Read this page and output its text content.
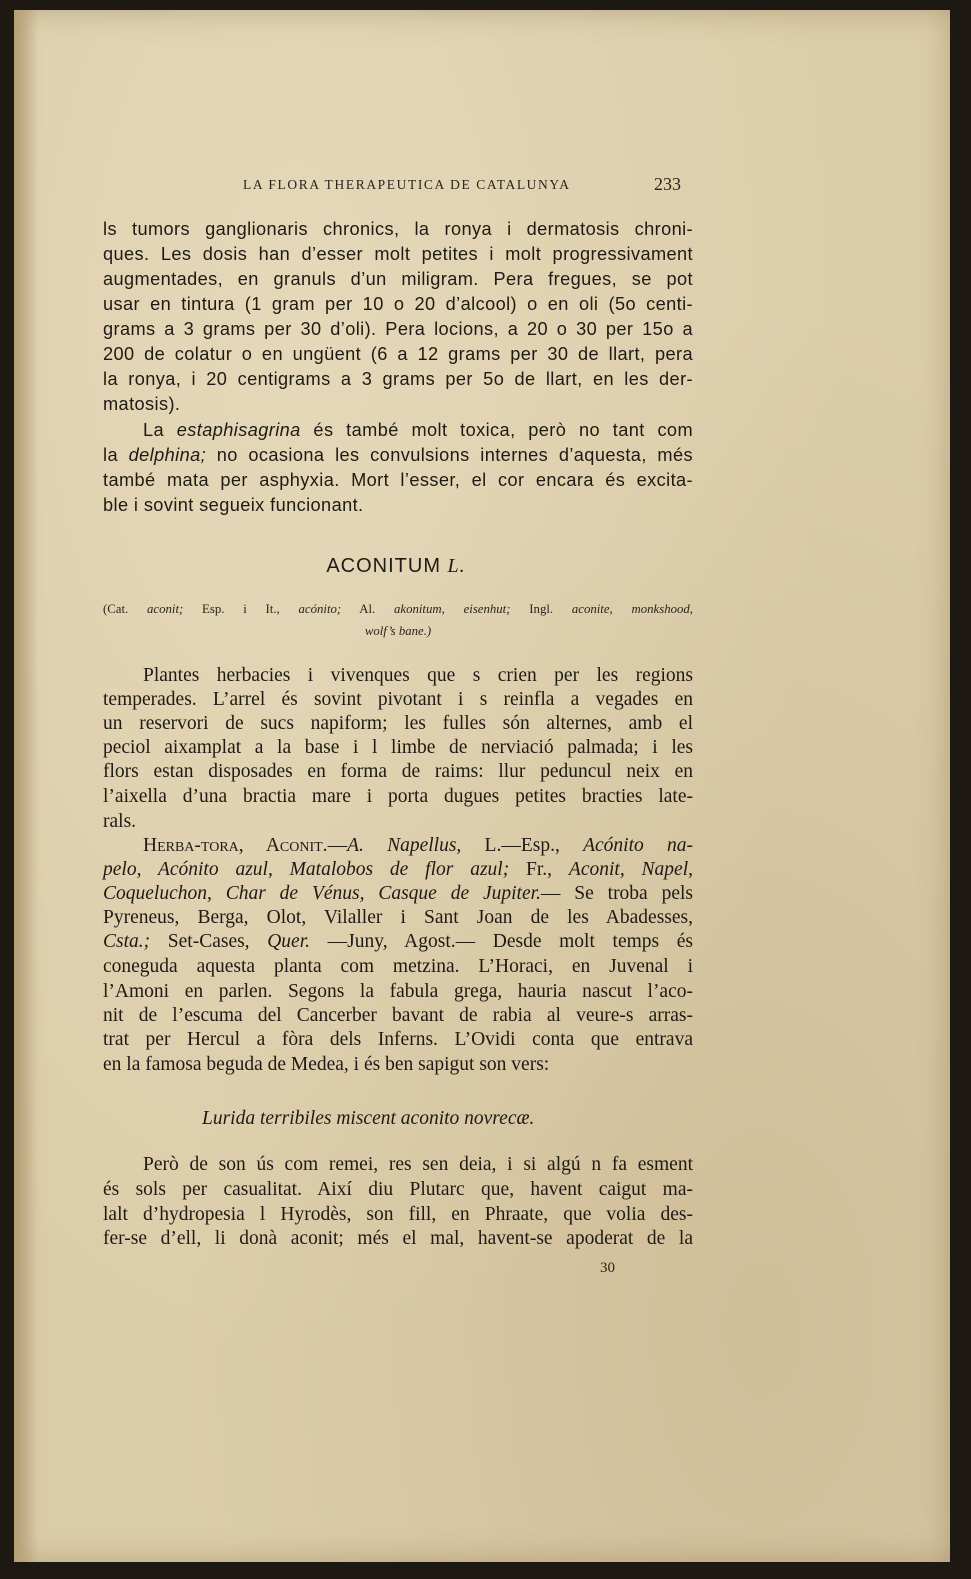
LA FLORA THERAPEUTICA DE CATALUNYA	233
ls tumors ganglionaris chronics, la ronya i dermatosis chroni-
ques. Les dosis han d’esser molt petites i molt progressivament
augmentades, en granuls d’un miligram. Pera fregues, se pot
usar en tintura (1 gram per 10 o 20 d’alcool) o en oli (5o centi-
grams a 3 grams per 30 d’oli). Pera locions, a 20 o 30 per 15o a
200 de colatur o en ungüent (6 a 12 grams per 30 de llart, pera
la ronya, i 20 centigrams a 3 grams per 5o de llart, en les der-
matosis).
La estaphisagrina és també molt toxica, però no tant com
la delphina; no ocasiona les convulsions internes d’aquesta, més
també mata per asphyxia. Mort l’esser, el cor encara és excita-
ble i sovint segueix funcionant.
ACONITUM L.
(Cat. aconit; Esp. i It., acónito; Al. akonitum, eisenhut; Ingl. aconite, monkshood,
wolf’s bane.)
Plantes herbacies i vivenques que s crien per les regions
temperades. L’arrel és sovint pivotant i s reinfla a vegades en
un reservori de sucs napiform; les fulles són alternes, amb el
peciol aixamplat a la base i l limbe de nerviació palmada; i les
flors estan disposades en forma de raims: llur peduncul neix en
l’aixella d’una bractia mare i porta dugues petites bracties late-
rals.
Herba-tora, Aconit.—A. Napellus, L.—Esp., Acónito na-
pelo, Acónito azul, Matalobos de flor azul; Fr., Aconit, Napel,
Coqueluchon, Char de Vénus, Casque de Jupiter.— Se troba pels
Pyreneus, Berga, Olot, Vilaller i Sant Joan de les Abadesses,
Csta.; Set-Cases, Quer. —Juny, Agost.— Desde molt temps és
coneguda aquesta planta com metzina. L’Horaci, en Juvenal i
l’Amoni en parlen. Segons la fabula grega, hauria nascut l’aco-
nit de l’escuma del Cancerber bavant de rabia al veure-s arras-
trat per Hercul a fòra dels Inferns. L’Ovidi conta que entrava
en la famosa beguda de Medea, i és ben sapigut son vers:
Lurida terribiles miscent aconito novrecæ.
Però de son ús com remei, res sen deia, i si algú n fa esment
és sols per casualitat. Així diu Plutarc que, havent caigut ma-
lalt d’hydropesia l Hyrodès, son fill, en Phraate, que volia des-
fer-se d’ell, li donà aconit; més el mal, havent-se apoderat de la
30
